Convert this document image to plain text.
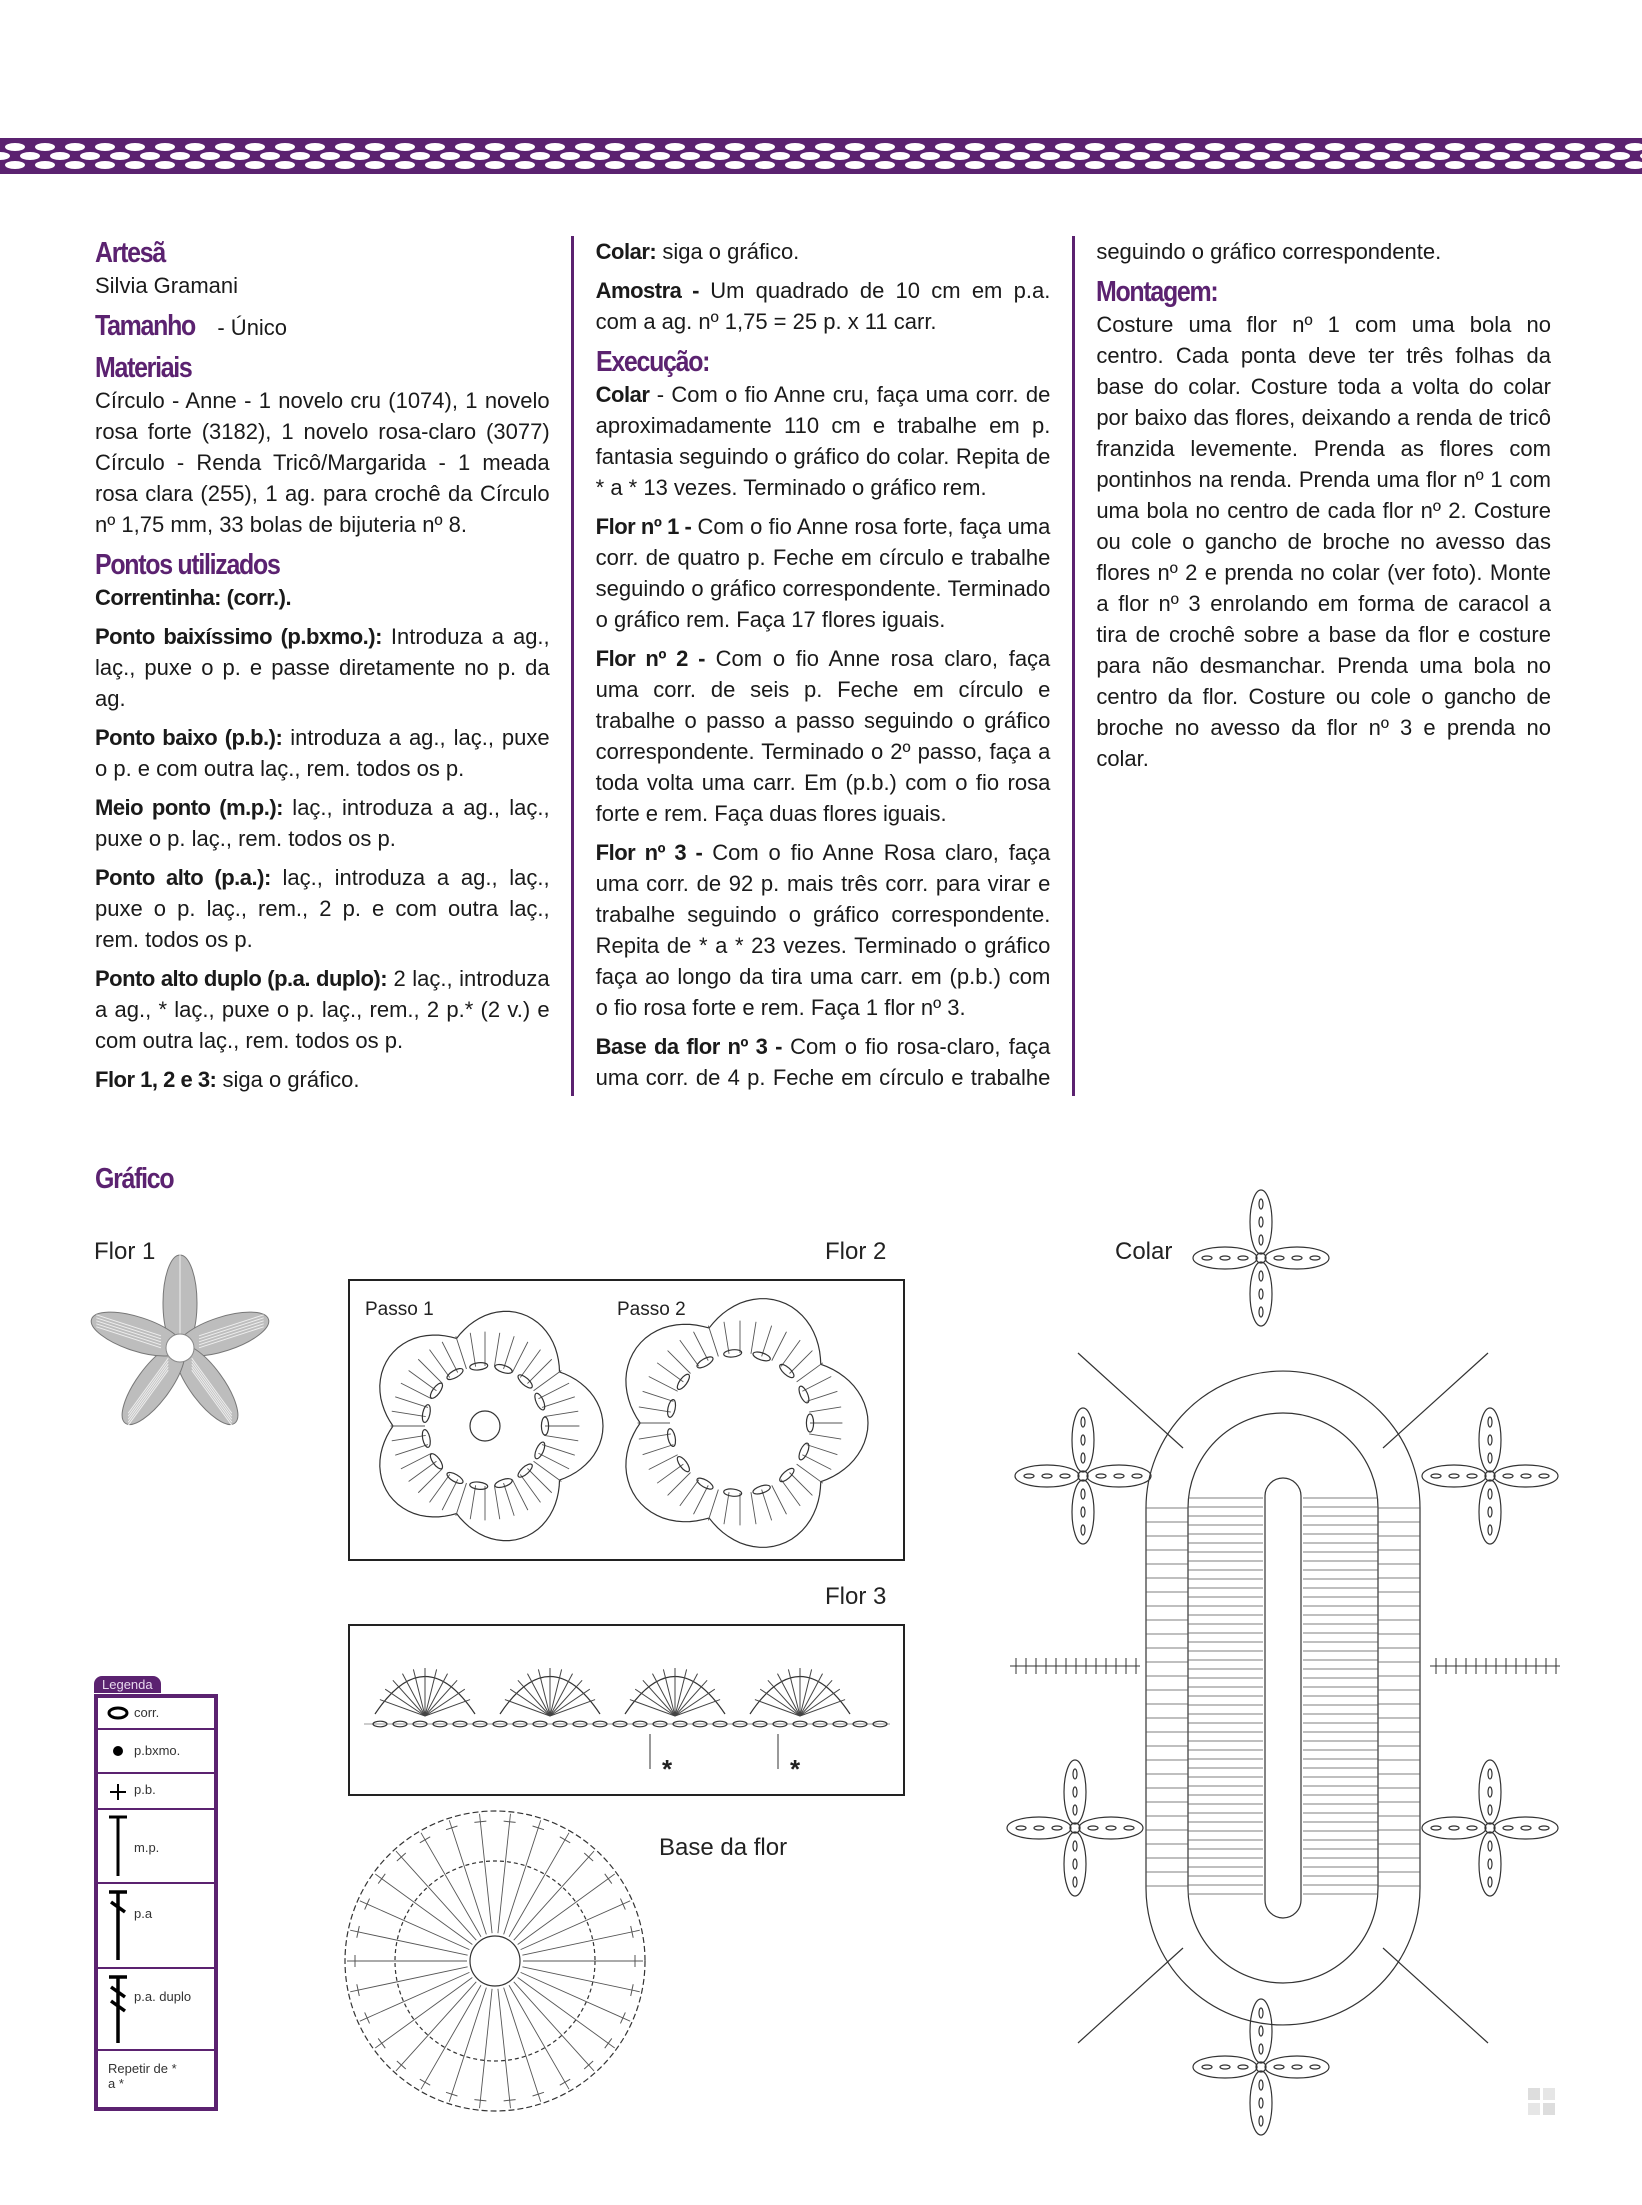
Artesã
Silvia Gramani

Tamanho - Único

Materiais
Círculo - Anne - 1 novelo cru (1074), 1 novelo rosa forte (3182), 1 novelo rosa-claro (3077) Círculo - Renda Tricô/Margarida - 1 meada rosa clara (255), 1 ag. para crochê da Círculo nº 1,75 mm, 33 bolas de bijuteria nº 8.

Pontos utilizados

Correntinha: (corr.).

Ponto baixíssimo (p.bxmo.): Introduza a ag., laç., puxe o p. e passe diretamente no p. da ag.

Ponto baixo (p.b.): introduza a ag., laç., puxe o p. e com outra laç., rem. todos os p.

Meio ponto (m.p.): laç., introduza a ag., laç., puxe o p. laç., rem. todos os p.

Ponto alto (p.a.): laç., introduza a ag., laç., puxe o p. laç., rem., 2 p. e com outra laç., rem. todos os p.

Ponto alto duplo (p.a. duplo): 2 laç., introduza a ag., * laç., puxe o p. laç., rem., 2 p.* (2 v.) e com outra laç., rem. todos os p.

Flor 1, 2 e 3: siga o gráfico.

Colar: siga o gráfico.

Amostra - Um quadrado de 10 cm em p.a. com a ag. nº 1,75 = 25 p. x 11 carr.

Execução:

Colar - Com o fio Anne cru, faça uma corr. de aproximadamente 110 cm e trabalhe em p. fantasia seguindo o gráfico do colar. Repita de * a * 13 vezes. Terminado o gráfico rem.

Flor nº 1 - Com o fio Anne rosa forte, faça uma corr. de quatro p. Feche em círculo e trabalhe seguindo o gráfico correspondente. Terminado o gráfico rem. Faça 17 flores iguais.

Flor nº 2 - Com o fio Anne rosa claro, faça uma corr. de seis p. Feche em círculo e trabalhe o passo a passo seguindo o gráfico correspondente. Terminado o 2º passo, faça a toda volta uma carr. Em (p.b.) com o fio rosa forte e rem. Faça duas flores iguais.

Flor nº 3 - Com o fio Anne Rosa claro, faça uma corr. de 92 p. mais três corr. para virar e trabalhe seguindo o gráfico correspondente. Repita de * a * 23 vezes. Terminado o gráfico faça ao longo da tira uma carr. em (p.b.) com o fio rosa forte e rem. Faça 1 flor nº 3.

Base da flor nº 3 - Com o fio rosa-claro, faça uma corr. de 4 p. Feche em círculo e trabalhe seguindo o gráfico correspondente.

Montagem:

Costure uma flor nº 1 com uma bola no centro. Cada ponta deve ter três folhas da base do colar. Costure toda a volta do colar por baixo das flores, deixando a renda de tricô franzida levemente. Prenda as flores com pontinhos na renda. Prenda uma flor nº 1 com uma bola no centro de cada flor nº 2. Costure ou cole o gancho de broche no avesso das flores nº 2 e prenda no colar (ver foto). Monte a flor nº 3 enrolando em forma de caracol a tira de crochê sobre a base da flor e costure para não desmanchar. Prenda uma bola no centro da flor. Costure ou cole o gancho de broche no avesso da flor nº 3 e prenda no colar.

Gráfico
Flor 1	Flor 2
Passo 1	Passo 2
Flor 3
*	*
Base da flor
Colar
Legenda
corr.
p.bxmo.
p.b.
m.p.
p.a
p.a. duplo
Repetir de * a *
